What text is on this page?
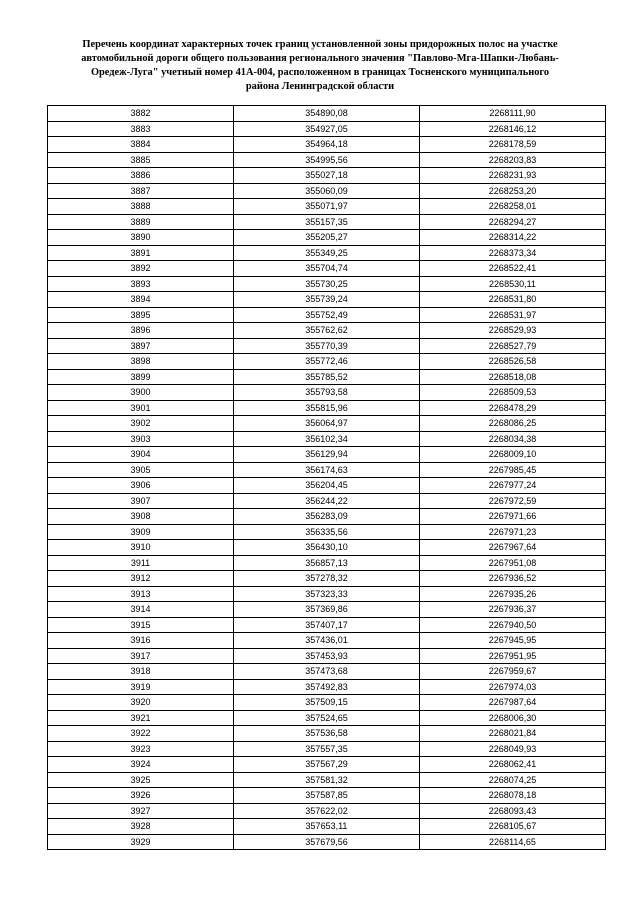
Перечень координат характерных точек границ установленной зоны придорожных полос на участке
автомобильной дороги общего пользования регионального значения "Павлово-Мга-Шапки-Любань-
Оредеж-Луга" учетный номер 41А-004, расположенном в границах Тосненского муниципального
района Ленинградской области
3882	354890,08	2268111,90
3883	354927,05	2268146,12
3884	354964,18	2268178,59
3885	354995,56	2268203,83
3886	355027,18	2268231,93
3887	355060,09	2268253,20
3888	355071,97	2268258,01
3889	355157,35	2268294,27
3890	355205,27	2268314,22
3891	355349,25	2268373,34
3892	355704,74	2268522,41
3893	355730,25	2268530,11
3894	355739,24	2268531,80
3895	355752,49	2268531,97
3896	355762,62	2268529,93
3897	355770,39	2268527,79
3898	355772,46	2268526,58
3899	355785,52	2268518,08
3900	355793,58	2268509,53
3901	355815,96	2268478,29
3902	356064,97	2268086,25
3903	356102,34	2268034,38
3904	356129,94	2268009,10
3905	356174,63	2267985,45
3906	356204,45	2267977,24
3907	356244,22	2267972,59
3908	356283,09	2267971,66
3909	356335,56	2267971,23
3910	356430,10	2267967,64
3911	356857,13	2267951,08
3912	357278,32	2267936,52
3913	357323,33	2267935,26
3914	357369,86	2267936,37
3915	357407,17	2267940,50
3916	357436,01	2267945,95
3917	357453,93	2267951,95
3918	357473,68	2267959,67
3919	357492,83	2267974,03
3920	357509,15	2267987,64
3921	357524,65	2268006,30
3922	357536,58	2268021,84
3923	357557,35	2268049,93
3924	357567,29	2268062,41
3925	357581,32	2268074,25
3926	357587,85	2268078,18
3927	357622,02	2268093,43
3928	357653,11	2268105,67
3929	357679,56	2268114,65
